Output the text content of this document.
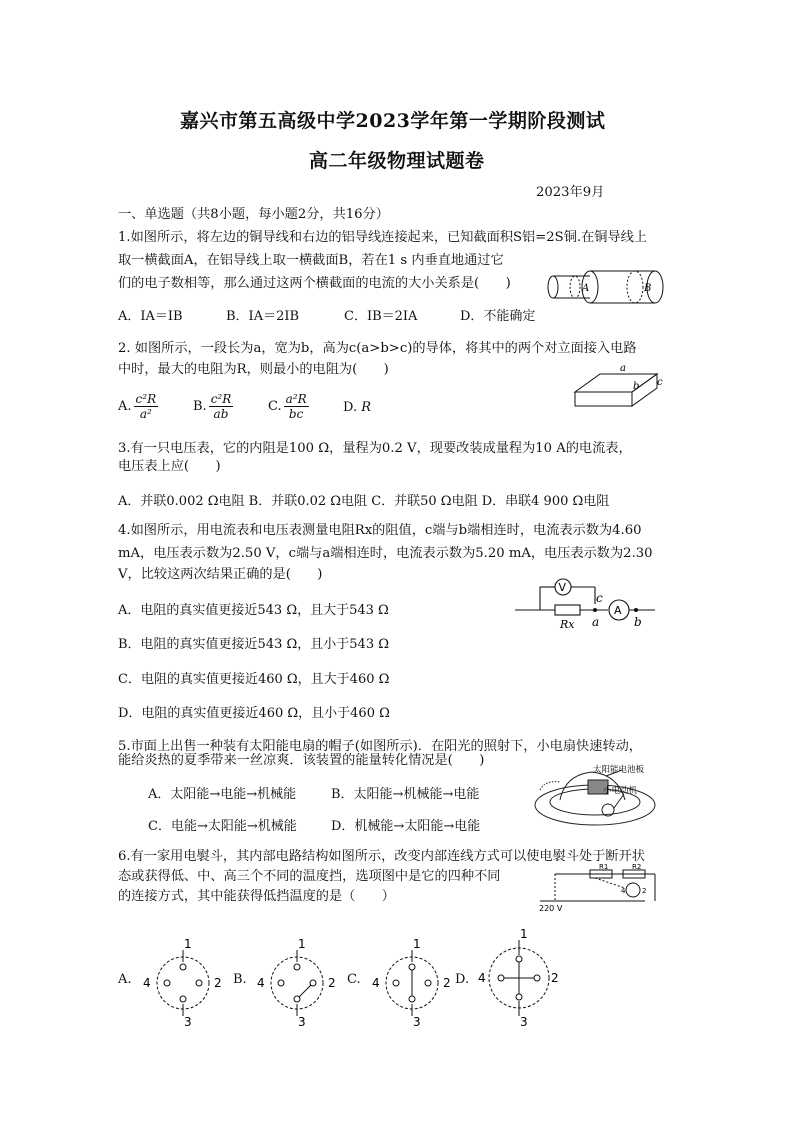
嘉兴市第五高级中学2023学年第一学期阶段测试
高二年级物理试题卷
2023年9月
一、单选题（共8小题，每小题2分，共16分）
1.如图所示，将左边的铜导线和右边的铝导线连接起来，已知截面积S铝=2S铜.在铜导线上
取一横截面A，在铝导线上取一横截面B，若在1 s 内垂直地通过它
们的电子数相等，那么通过这两个横截面的电流的大小关系是(　　)
A．IA＝IB	B．IA＝2IB	C．IB＝2IA	D．不能确定
A	B
2. 如图所示，一段长为a，宽为b，高为c(a>b>c)的导体，将其中的两个对立面接入电路
中时，最大的电阻为R，则最小的电阻为(　　)
A. $\frac{\text{c²R}}{\text{a²}}$	B. $\frac{\text{c²R}}{ab}$	C. $\frac{\text{a²R}}{bc}$	D. R
a
b c
3.有一只电压表，它的内阻是100 Ω，量程为0.2 V，现要改装成量程为10 A的电流表，
电压表上应(　　)
A．并联0.002 Ω电阻 B．并联0.02 Ω电阻 C．并联50 Ω电阻 D．串联4 900 Ω电阻
4.如图所示，用电流表和电压表测量电阻Rx的阻值，c端与b端相连时，电流表示数为4.60
mA，电压表示数为2.50 V，c端与a端相连时，电流表示数为5.20 mA，电压表示数为2.30
V，比较这两次结果正确的是(　　)
A．电阻的真实值更接近543 Ω，且大于543 Ω
B．电阻的真实值更接近543 Ω，且小于543 Ω
C．电阻的真实值更接近460 Ω，且大于460 Ω
D．电阻的真实值更接近460 Ω，且小于460 Ω
V
c
A
Rx a	b
5.市面上出售一种装有太阳能电扇的帽子(如图所示)．在阳光的照射下，小电扇快速转动，
能给炎热的夏季带来一丝凉爽．该装置的能量转化情况是(　　)
A．太阳能→电能→机械能	B．太阳能→机械能→电能
C．电能→太阳能→机械能	D．机械能→太阳能→电能
太阳能电池板
小电动机
6.有一家用电褽斗，其内部电路结构如图所示，改变内部连线方式可以使电褽斗处于断开状
态或获得低、中、高三个不同的温度挡，选项图中是它的四种不同
的连接方式，其中能获得低挡温度的是（　　）
R1	R2
220 V
4 2
A.
1
4	2
3
B.
1
4	2
3
C.
1
4	2
3
D.
1
4	2
3
